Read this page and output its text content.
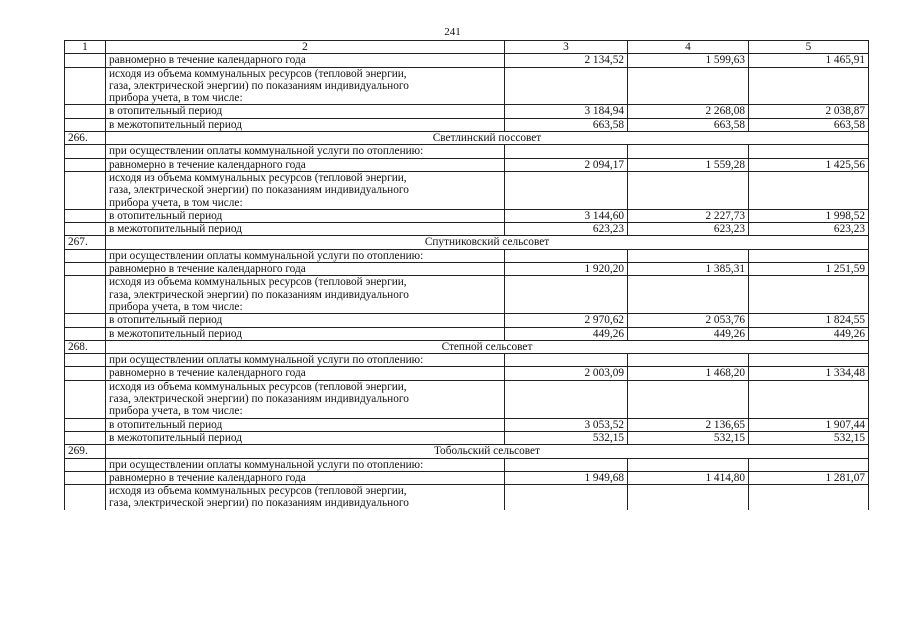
241
1	2	3	4	5
	равномерно в течение календарного года	2 134,52	1 599,63	1 465,91

	исходя из объема коммунальных ресурсов (тепловой энергии,
газа, электрической энергии) по показаниям индивидуального
прибора учета, в том числе:			

	в отопительный период	3 184,94	2 268,08	2 038,87
	в межотопительный период	663,58	663,58	663,58
266.	Светлинский поссовет			
	при осуществлении оплаты коммунальной услуги по отоплению:			
	равномерно в течение календарного года	2 094,17	1 559,28	1 425,56

	исходя из объема коммунальных ресурсов (тепловой энергии,
газа, электрической энергии) по показаниям индивидуального
прибора учета, в том числе:			

	в отопительный период	3 144,60	2 227,73	1 998,52
	в межотопительный период	623,23	623,23	623,23
267.	Спутниковский сельсовет			
	при осуществлении оплаты коммунальной услуги по отоплению:			
	равномерно в течение календарного года	1 920,20	1 385,31	1 251,59

	исходя из объема коммунальных ресурсов (тепловой энергии,
газа, электрической энергии) по показаниям индивидуального
прибора учета, в том числе:			

	в отопительный период	2 970,62	2 053,76	1 824,55
	в межотопительный период	449,26	449,26	449,26
268.	Степной сельсовет			
	при осуществлении оплаты коммунальной услуги по отоплению:			
	равномерно в течение календарного года	2 003,09	1 468,20	1 334,48

	исходя из объема коммунальных ресурсов (тепловой энергии,
газа, электрической энергии) по показаниям индивидуального
прибора учета, в том числе:			

	в отопительный период	3 053,52	2 136,65	1 907,44
	в межотопительный период	532,15	532,15	532,15
269.	Тобольский сельсовет			
	при осуществлении оплаты коммунальной услуги по отоплению:			
	равномерно в течение календарного года	1 949,68	1 414,80	1 281,07

	исходя из объема коммунальных ресурсов (тепловой энергии,
газа, электрической энергии) по показаниям индивидуального			
